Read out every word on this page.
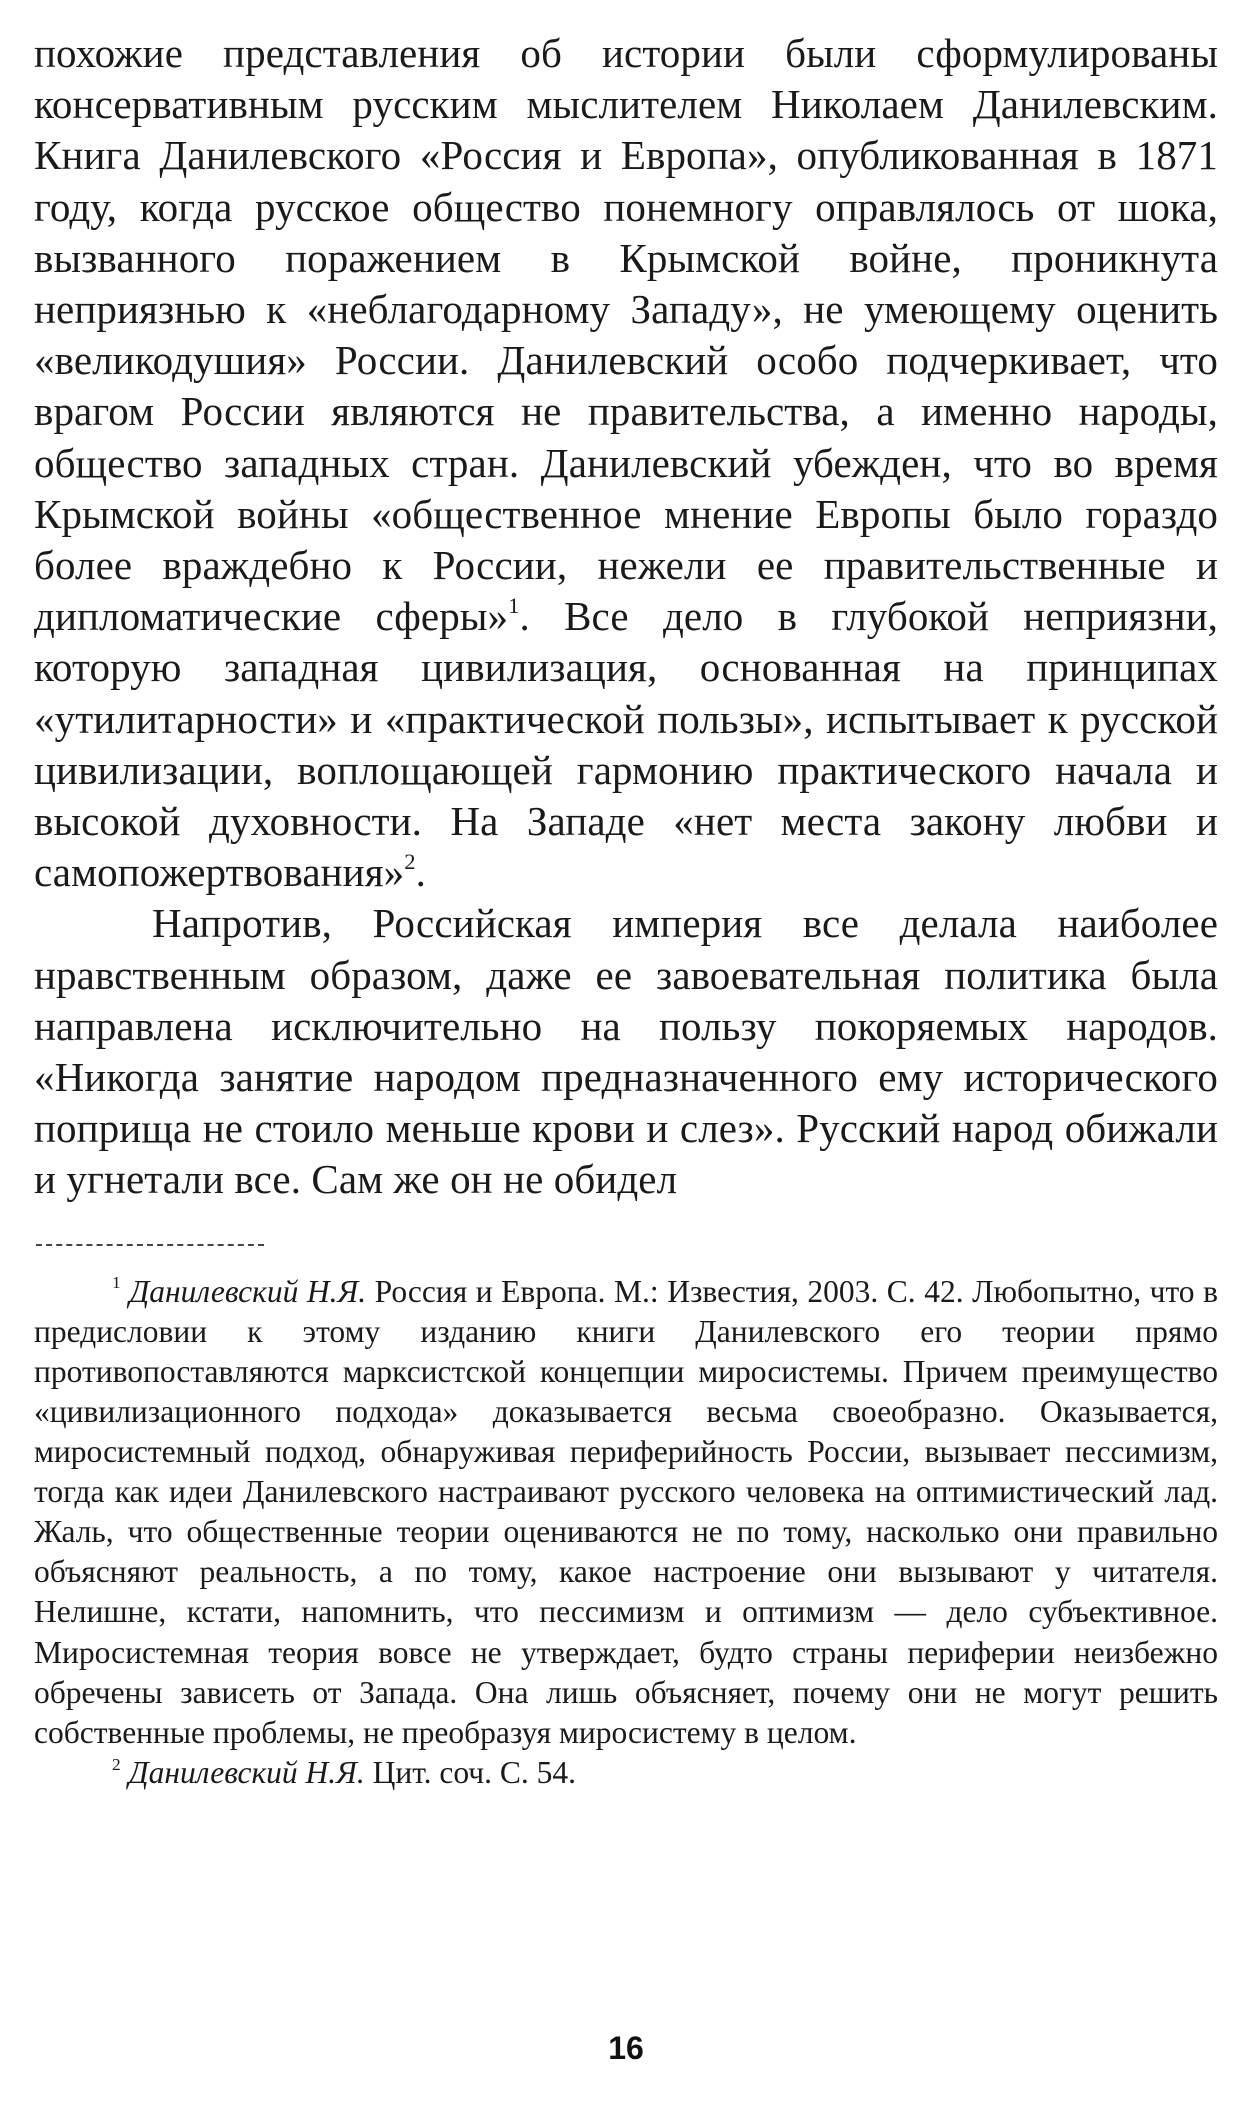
похожие представления об истории были сформулированы консервативным русским мыслителем Николаем Данилевским. Книга Данилевского «Россия и Европа», опубликованная в 1871 году, когда русское общество понемногу оправлялось от шока, вызванного поражением в Крымской войне, проникнута неприязнью к «неблагодарному Западу», не умеющему оценить «великодушия» России. Данилевский особо подчеркивает, что врагом России являются не правительства, а именно народы, общество западных стран. Данилевский убежден, что во время Крымской войны «общественное мнение Европы было гораздо более враждебно к России, нежели ее правительственные и дипломатические сферы»$^1$. Все дело в глубокой неприязни, которую западная цивилизация, основанная на принципах «утилитарности» и «практической пользы», испытывает к русской цивилизации, воплощающей гармонию практического начала и высокой духовности. На Западе «нет места закону любви и самопожертвования»$^2$.

Напротив, Российская империя все делала наиболее нравственным образом, даже ее завоевательная политика была направлена исключительно на пользу покоряемых народов. «Никогда занятие народом предназначенного ему исторического поприща не стоило меньше крови и слез». Русский народ обижали и угнетали все. Сам же он не обидел

$^1$ Данилевский Н.Я. Россия и Европа. М.: Известия, 2003. С. 42. Любопытно, что в предисловии к этому изданию книги Данилевского его теории прямо противопоставляются марксистской концепции миросистемы. Причем преимущество «цивилизационного подхода» доказывается весьма своеобразно. Оказывается, миросистемный подход, обнаруживая периферийность России, вызывает пессимизм, тогда как идеи Данилевского настраивают русского человека на оптимистический лад. Жаль, что общественные теории оцениваются не по тому, насколько они правильно объясняют реальность, а по тому, какое настроение они вызывают у читателя. Нелишне, кстати, напомнить, что пессимизм и оптимизм — дело субъективное. Миросистемная теория вовсе не утверждает, будто страны периферии неизбежно обречены зависеть от Запада. Она лишь объясняет, почему они не могут решить собственные проблемы, не преобразуя миросистему в целом.

$^2$ Данилевский Н.Я. Цит. соч. С. 54.

16
